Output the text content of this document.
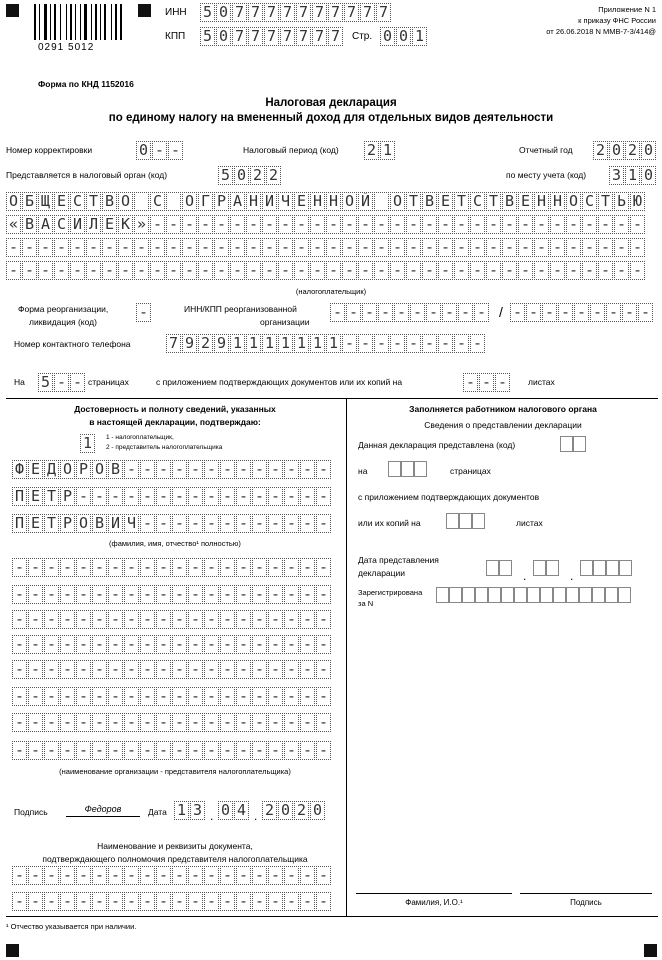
0291 5012
ИНН 5 0 7 7 7 7 7 7 7 7 7 7
КПП 5 0 7 7 7 7 7 7 7 Стр. 0 0 1
Приложение N 1
к приказу ФНС России
от 26.06.2018 N ММВ-7-3/414@
Форма по КНД 1152016
Налоговая декларация
по единому налогу на вмененный доход для отдельных видов деятельности
Номер корректировки	0 - -	Налоговый период (код) 2 1	Отчетный год 2 0 2 0
Представляется в налоговый орган (код)	5 0 2 2	по месту учета (код) 3 1 0
О Б Щ Е С Т В О С О Г Р А Н И Ч Е Н Н О Й О Т В Е Т С Т В Е Н Н О С Т Ь Ю
« В А С И Л Е К » - - - - - - - - - - - - - - - - - - - - - - - - - - - - - - -
- - - - - - - - - - - - - - - - - - - - - - - - - - - - - - - - - - - - - - - -
- - - - - - - - - - - - - - - - - - - - - - - - - - - - - - - - - - - - - - - -
(налогоплательщик)
Форма реорганизации,
ликвидация (код)
-	ИНН/КПП реорганизованной
организации
- - - - - - - - - - / - - - - - - - - -
Номер контактного телефона	7 9 2 9 1 1 1 1 1 1 1 - - - - - - - - -
На 5 - - страницах	с приложением подтверждающих документов или их копий на	- - -	листах
Достоверность и полноту сведений, указанных
в настоящей декларации, подтверждаю:
1	1 - налогоплательщик,
2 - представитель налогоплательщика
Ф Е Д О Р О В - - - - - - - - - - - - -
П Е Т Р - - - - - - - - - - - - - - - -
П Е Т Р О В И Ч - - - - - - - - - - - -
(фамилия, имя, отчество¹ полностью)
- - - - - - - - - - - - - - - - - - - -
- - - - - - - - - - - - - - - - - - - -
- - - - - - - - - - - - - - - - - - - -
- - - - - - - - - - - - - - - - - - - -
- - - - - - - - - - - - - - - - - - - -
- - - - - - - - - - - - - - - - - - - -
- - - - - - - - - - - - - - - - - - - -
- - - - - - - - - - - - - - - - - - - -
(наименование организации - представителя налогоплательщика)
Подпись	Федоров	Дата 1 3 . 0 4 . 2 0 2 0
Наименование и реквизиты документа,
подтверждающего полномочия представителя налогоплательщика
- - - - - - - - - - - - - - - - - - - -
- - - - - - - - - - - - - - - - - - - -
Заполняется работником налогового органа
Сведения о представлении декларации
Данная декларация представлена (код)
на	страницах
с приложением подтверждающих документов
или их копий на	листах
Дата представления
декларации	.	.
Зарегистрирована
за N
Фамилия, И.О.¹	Подпись
¹ Отчество указывается при наличии.
